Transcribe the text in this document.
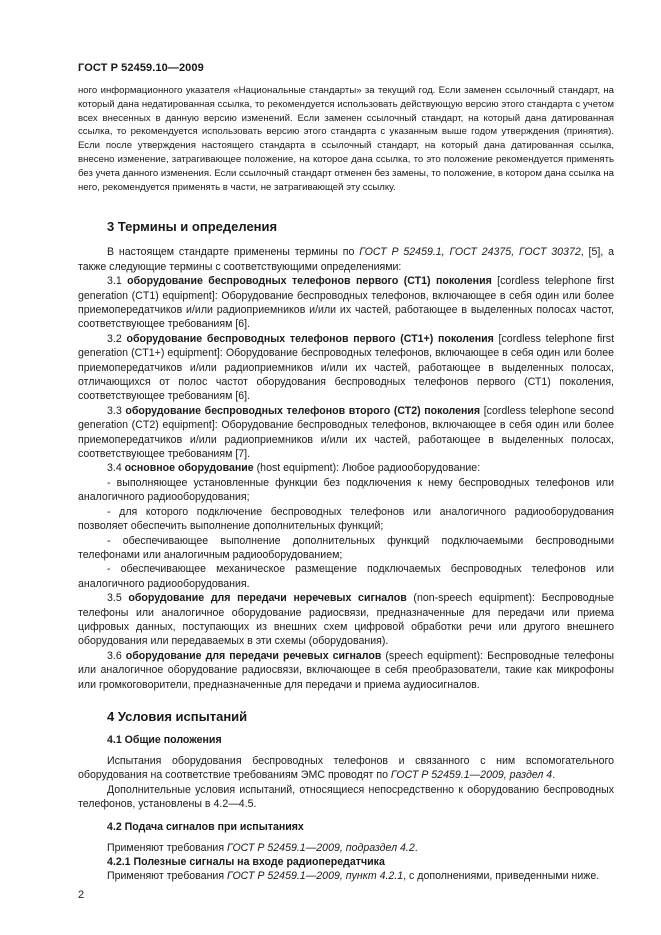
ГОСТ Р 52459.10—2009

ного информационного указателя «Национальные стандарты» за текущий год. Если заменен ссылочный стандарт, на который дана недатированная ссылка, то рекомендуется использовать действующую версию этого стандарта с учетом всех внесенных в данную версию изменений. Если заменен ссылочный стандарт, на который дана датированная ссылка, то рекомендуется использовать версию этого стандарта с указанным выше годом утверждения (принятия). Если после утверждения настоящего стандарта в ссылочный стандарт, на который дана датированная ссылка, внесено изменение, затрагивающее положение, на которое дана ссылка, то это положение рекомендуется применять без учета данного изменения. Если ссылочный стандарт отменен без замены, то положение, в котором дана ссылка на него, рекомендуется применять в части, не затрагивающей эту ссылку.

3 Термины и определения

В настоящем стандарте применены термины по ГОСТ Р 52459.1, ГОСТ 24375, ГОСТ 30372, [5], а также следующие термины с соответствующими определениями:

3.1 оборудование беспроводных телефонов первого (СТ1) поколения [cordless telephone first generation (CT1) equipment]: Оборудование беспроводных телефонов, включающее в себя один или более приемопередатчиков и/или радиоприемников и/или их частей, работающее в выделенных полосах частот, соответствующее требованиям [6].

3.2 оборудование беспроводных телефонов первого (СТ1+) поколения [cordless telephone first generation (CT1+) equipment]: Оборудование беспроводных телефонов, включающее в себя один или более приемопередатчиков и/или радиоприемников и/или их частей, работающее в выделенных полосах, отличающихся от полос частот оборудования беспроводных телефонов первого (СТ1) поколения, соответствующее требованиям [6].

3.3 оборудование беспроводных телефонов второго (СТ2) поколения [cordless telephone second generation (CT2) equipment]: Оборудование беспроводных телефонов, включающее в себя один или более приемопередатчиков и/или радиоприемников и/или их частей, работающее в выделенных полосах, соответствующее требованиям [7].

3.4 основное оборудование (host equipment): Любое радиооборудование:

- выполняющее установленные функции без подключения к нему беспроводных телефонов или аналогичного радиооборудования;

- для которого подключение беспроводных телефонов или аналогичного радиооборудования позволяет обеспечить выполнение дополнительных функций;

- обеспечивающее выполнение дополнительных функций подключаемыми беспроводными телефонами или аналогичным радиооборудованием;

- обеспечивающее механическое размещение подключаемых беспроводных телефонов или аналогичного радиооборудования.

3.5 оборудование для передачи неречевых сигналов (non-speech equipment): Беспроводные телефоны или аналогичное оборудование радиосвязи, предназначенные для передачи или приема цифровых данных, поступающих из внешних схем цифровой обработки речи или другого внешнего оборудования или передаваемых в эти схемы (оборудования).

3.6 оборудование для передачи речевых сигналов (speech equipment): Беспроводные телефоны или аналогичное оборудование радиосвязи, включающее в себя преобразователи, такие как микрофоны или громкоговорители, предназначенные для передачи и приема аудиосигналов.

4 Условия испытаний
4.1 Общие положения

Испытания оборудования беспроводных телефонов и связанного с ним вспомогательного оборудования на соответствие требованиям ЭМС проводят по ГОСТ Р 52459.1—2009, раздел 4.

Дополнительные условия испытаний, относящиеся непосредственно к оборудованию беспроводных телефонов, установлены в 4.2—4.5.

4.2 Подача сигналов при испытаниях

Применяют требования ГОСТ Р 52459.1—2009, подраздел 4.2.

4.2.1 Полезные сигналы на входе радиопередатчика

Применяют требования ГОСТ Р 52459.1—2009, пункт 4.2.1, с дополнениями, приведенными ниже.

2
